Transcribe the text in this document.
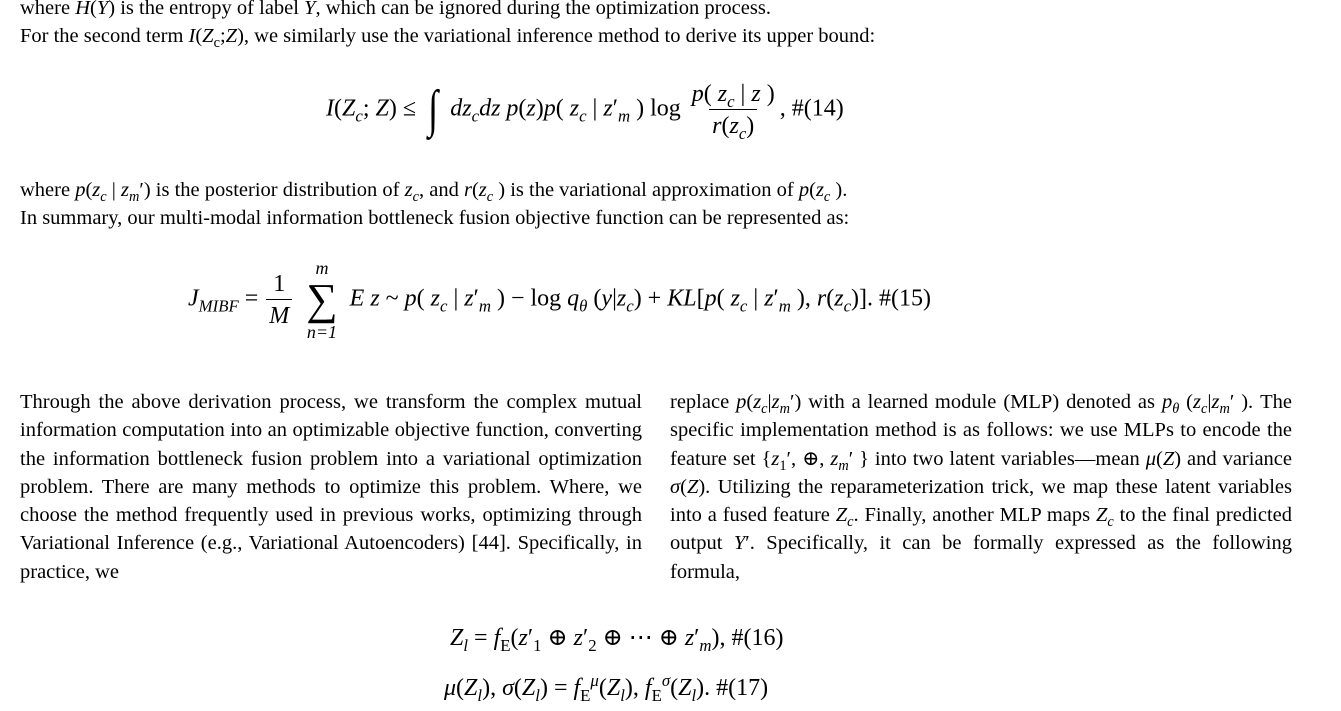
where H(Y) is the entropy of label Y, which can be ignored during the optimization process.
For the second term $I(Z_c;Z)$, we similarly use the variational inference method to derive its upper bound:
$I(Z_c$; Z) ≤ ∫ $dz_cdz$ p(z)p( $z_c$ | $z'_m$ ) $\log \frac{p( z_c | z )}{r(z_c)}$ , #(14)
where $p(z_c$ | $z_m'$) is the posterior distribution of $z_c$, and $r(z_c$ ) is the variational approximation of $p(z_c$ ).
In summary, our multi-modal information bottleneck fusion objective function can be represented as:
$J_{MIBF} = \frac{1}{M}$

m
∑
n=1
E z ~ p( $z_c$ | $z'_m$ ) − $\log q_\theta$ $(y|z_c) + KL[p$( $z_c$ | $z'_m$ ), $r(z_c)$]. #(15)
Through the above derivation process, we transform the complex mutual information computation into an optimizable objective function, converting the information bottleneck fusion problem into a variational optimization problem. There are many methods to optimize this problem. Where, we choose the method frequently used in previous works, optimizing through Variational Inference (e.g., Variational Autoencoders) [44]. Specifically, in practice, we
replace $p(z_c|z_m')$ with a learned module (MLP) denoted as $p_\theta$ ($z_c|z_m'$ ). The specific implementation method is as follows: we use MLPs to encode the feature set {$z_1'$, ⊕, $z_m'$ } into two latent variables—mean μ(Z) and variance σ(Z). Utilizing the reparameterization trick, we map these latent variables into a fused feature $Z_c$. Finally, another MLP maps $Z_c$ to the final predicted output Y′. Specifically, it can be formally expressed as the following formula,
$Z_l = f_E(z'_1$ ⊕ $z'_2$ ⊕ ⋯ ⊕ $z'_m$), #(16)
$\mu(Z_l)$, $\sigma(Z_l) = f_E^\mu(Z_l)$, $f_E^\sigma(Z_l)$. #(17)
